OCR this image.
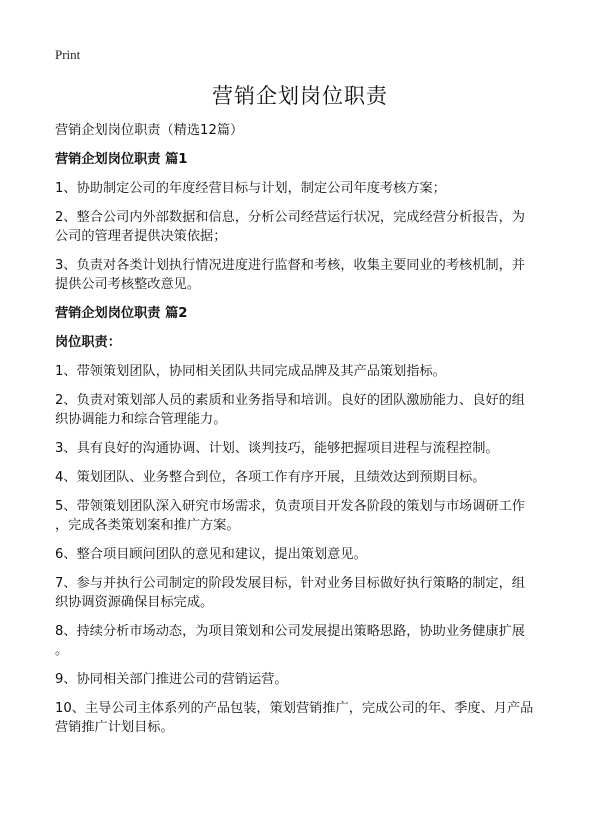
Print
营销企划岗位职责
营销企划岗位职责（精选12篇）
营销企划岗位职责 篇1
1、协助制定公司的年度经营目标与计划，制定公司年度考核方案；
2、整合公司内外部数据和信息，分析公司经营运行状况，完成经营分析报告，为
公司的管理者提供决策依据；
3、负责对各类计划执行情况进度进行监督和考核，收集主要同业的考核机制，并
提供公司考核整改意见。
营销企划岗位职责 篇2
岗位职责：
1、带领策划团队，协同相关团队共同完成品牌及其产品策划指标。
2、负责对策划部人员的素质和业务指导和培训。良好的团队激励能力、良好的组
织协调能力和综合管理能力。
3、具有良好的沟通协调、计划、谈判技巧，能够把握项目进程与流程控制。
4、策划团队、业务整合到位，各项工作有序开展，且绩效达到预期目标。
5、带领策划团队深入研究市场需求，负责项目开发各阶段的策划与市场调研工作
，完成各类策划案和推广方案。
6、整合项目顾问团队的意见和建议，提出策划意见。
7、参与并执行公司制定的阶段发展目标，针对业务目标做好执行策略的制定，组
织协调资源确保目标完成。
8、持续分析市场动态，为项目策划和公司发展提出策略思路，协助业务健康扩展
。
9、协同相关部门推进公司的营销运营。
10、主导公司主体系列的产品包装，策划营销推广，完成公司的年、季度、月产品
营销推广计划目标。
